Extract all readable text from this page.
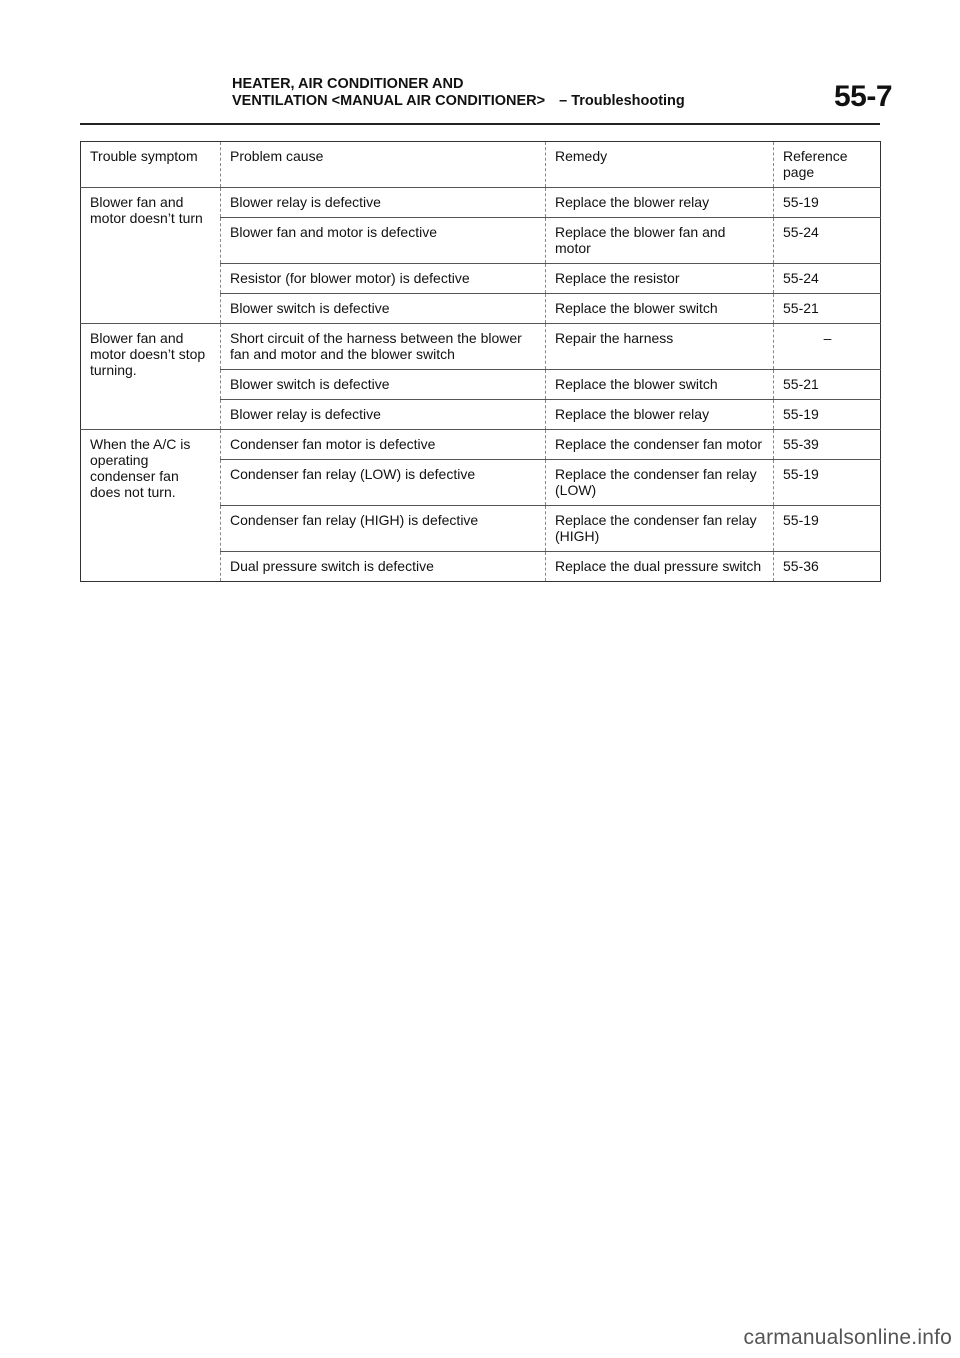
HEATER, AIR CONDITIONER AND
VENTILATION <MANUAL AIR CONDITIONER> – Troubleshooting	55-7
Trouble symptom	Problem cause	Remedy	Reference page
Blower fan and motor doesn’t turn	Blower relay is defective	Replace the blower relay	55-19
	Blower fan and motor is defective	Replace the blower fan and motor	55-24
	Resistor (for blower motor) is defective	Replace the resistor	55-24
	Blower switch is defective	Replace the blower switch	55-21
Blower fan and motor doesn’t stop turning.	Short circuit of the harness between the blower fan and motor and the blower switch	Repair the harness	–
	Blower switch is defective	Replace the blower switch	55-21
	Blower relay is defective	Replace the blower relay	55-19
When the A/C is operating condenser fan does not turn.	Condenser fan motor is defective	Replace the condenser fan motor	55-39
	Condenser fan relay (LOW) is defective	Replace the condenser fan relay (LOW)	55-19
	Condenser fan relay (HIGH) is defective	Replace the condenser fan relay (HIGH)	55-19
	Dual pressure switch is defective	Replace the dual pressure switch	55-36
carmanualsonline.info
